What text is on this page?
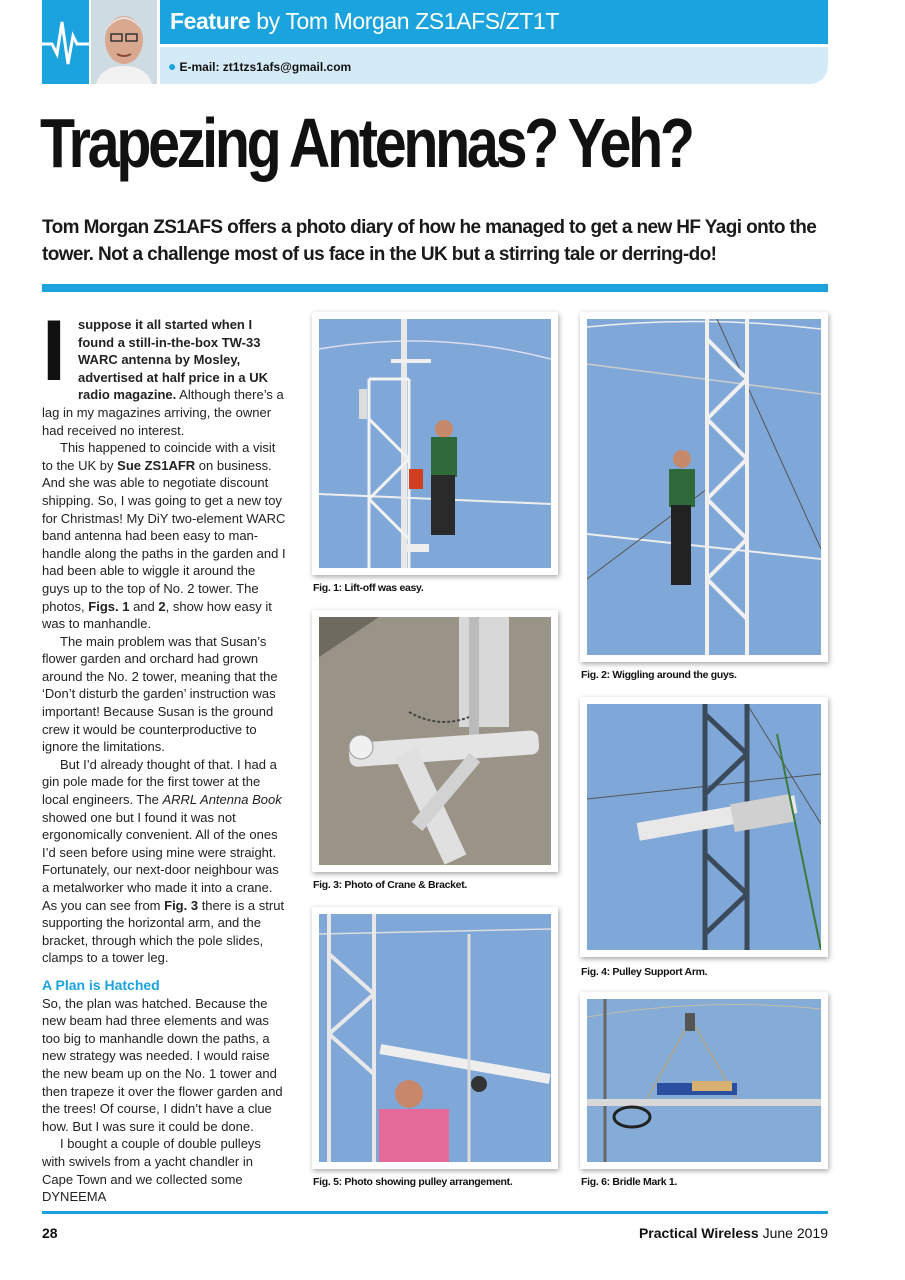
Feature by Tom Morgan ZS1AFS/ZT1T
● E-mail: zt1tzs1afs@gmail.com
Trapezing Antennas? Yeh?
Tom Morgan ZS1AFS offers a photo diary of how he managed to get a new HF Yagi onto the tower. Not a challenge most of us face in the UK but a stirring tale or derring-do!

I suppose it all started when I found a still-in-the-box TW-33 WARC antenna by Mosley, advertised at half price in a UK radio magazine. Although there’s a lag in my magazines arriving, the owner had received no interest.

This happened to coincide with a visit to the UK by Sue ZS1AFR on business. And she was able to negotiate discount shipping. So, I was going to get a new toy for Christmas! My DiY two-element WARC band antenna had been easy to man-handle along the paths in the garden and I had been able to wiggle it around the guys up to the top of No. 2 tower. The photos, Figs. 1 and 2, show how easy it was to manhandle.

The main problem was that Susan’s flower garden and orchard had grown around the No. 2 tower, meaning that the ‘Don’t disturb the garden’ instruction was important! Because Susan is the ground crew it would be counterproductive to ignore the limitations.

But I’d already thought of that. I had a gin pole made for the first tower at the local engineers. The ARRL Antenna Book showed one but I found it was not ergonomically convenient. All of the ones I’d seen before using mine were straight. Fortunately, our next-door neighbour was a metalworker who made it into a crane. As you can see from Fig. 3 there is a strut supporting the horizontal arm, and the bracket, through which the pole slides, clamps to a tower leg.

A Plan is Hatched

So, the plan was hatched. Because the new beam had three elements and was too big to manhandle down the paths, a new strategy was needed. I would raise the new beam up on the No. 1 tower and then trapeze it over the flower garden and the trees! Of course, I didn’t have a clue how. But I was sure it could be done.

I bought a couple of double pulleys with swivels from a yacht chandler in Cape Town and we collected some DYNEEMA

Fig. 1: Lift-off was easy.
Fig. 2: Wiggling around the guys.
Fig. 3: Photo of Crane & Bracket.
Fig. 4: Pulley Support Arm.
Fig. 5: Photo showing pulley arrangement.	Fig. 6: Bridle Mark 1.
28	Practical Wireless June 2019
